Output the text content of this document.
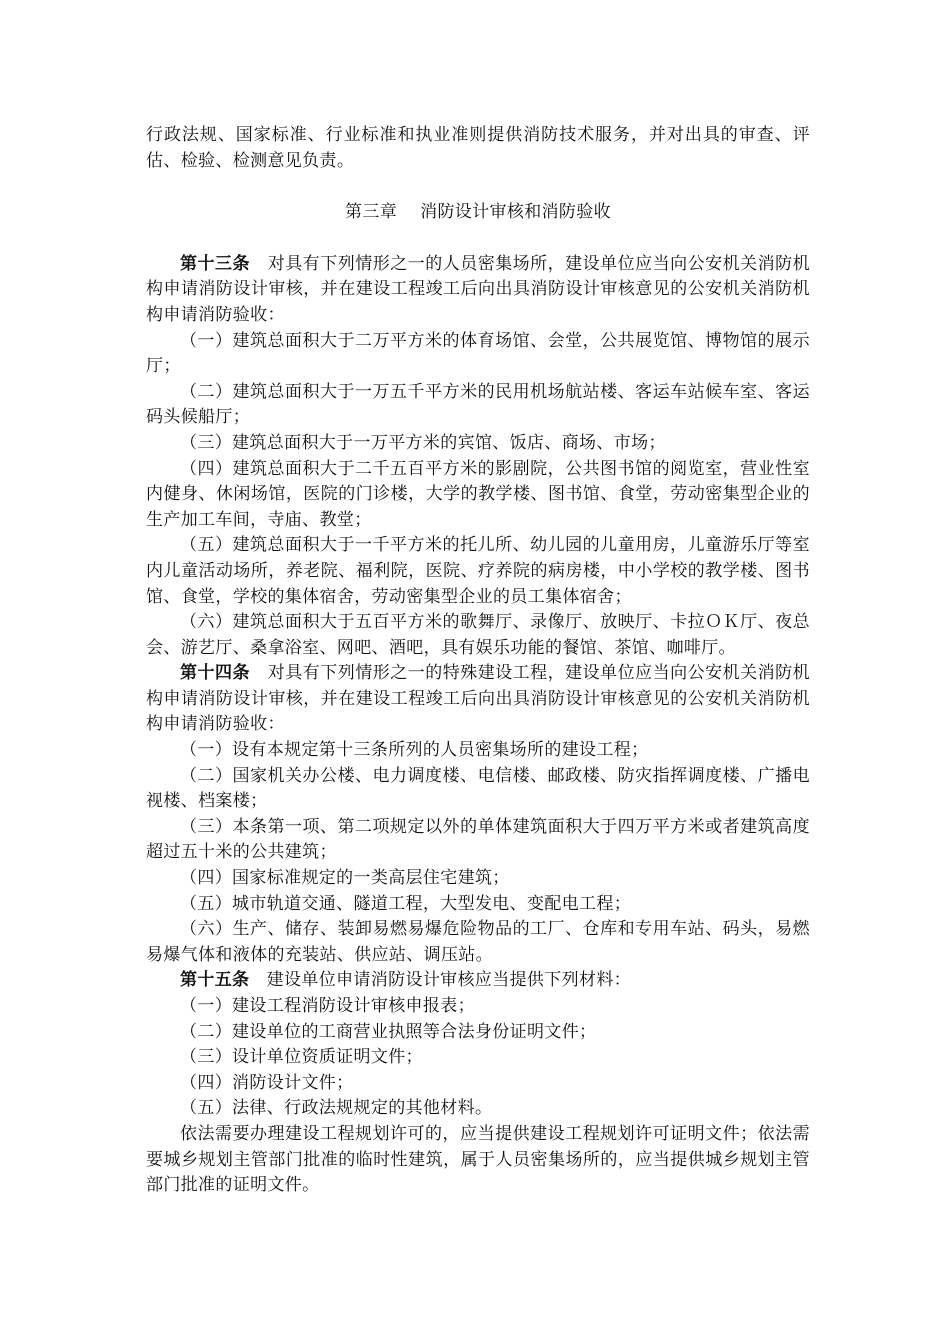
行政法规、国家标准、行业标准和执业准则提供消防技术服务，并对出具的审查、评估、检验、检测意见负责。

第三章    消防设计审核和消防验收

第十三条 对具有下列情形之一的人员密集场所，建设单位应当向公安机关消防机构申请消防设计审核，并在建设工程竣工后向出具消防设计审核意见的公安机关消防机构申请消防验收：

（一）建筑总面积大于二万平方米的体育场馆、会堂，公共展览馆、博物馆的展示厅；

（二）建筑总面积大于一万五千平方米的民用机场航站楼、客运车站候车室、客运码头候船厅；

（三）建筑总面积大于一万平方米的宾馆、饭店、商场、市场；

（四）建筑总面积大于二千五百平方米的影剧院，公共图书馆的阅览室，营业性室内健身、休闲场馆，医院的门诊楼，大学的教学楼、图书馆、食堂，劳动密集型企业的生产加工车间，寺庙、教堂；

（五）建筑总面积大于一千平方米的托儿所、幼儿园的儿童用房，儿童游乐厅等室内儿童活动场所，养老院、福利院，医院、疗养院的病房楼，中小学校的教学楼、图书馆、食堂，学校的集体宿舍，劳动密集型企业的员工集体宿舍；

（六）建筑总面积大于五百平方米的歌舞厅、录像厅、放映厅、卡拉ＯＫ厅、夜总会、游艺厅、桑拿浴室、网吧、酒吧，具有娱乐功能的餐馆、茶馆、咖啡厅。

第十四条 对具有下列情形之一的特殊建设工程，建设单位应当向公安机关消防机构申请消防设计审核，并在建设工程竣工后向出具消防设计审核意见的公安机关消防机构申请消防验收：

（一）设有本规定第十三条所列的人员密集场所的建设工程；

（二）国家机关办公楼、电力调度楼、电信楼、邮政楼、防灾指挥调度楼、广播电视楼、档案楼；

（三）本条第一项、第二项规定以外的单体建筑面积大于四万平方米或者建筑高度超过五十米的公共建筑；

（四）国家标准规定的一类高层住宅建筑；

（五）城市轨道交通、隧道工程，大型发电、变配电工程；

（六）生产、储存、装卸易燃易爆危险物品的工厂、仓库和专用车站、码头，易燃易爆气体和液体的充装站、供应站、调压站。

第十五条 建设单位申请消防设计审核应当提供下列材料：

（一）建设工程消防设计审核申报表；

（二）建设单位的工商营业执照等合法身份证明文件；

（三）设计单位资质证明文件；

（四）消防设计文件；

（五）法律、行政法规规定的其他材料。

依法需要办理建设工程规划许可的，应当提供建设工程规划许可证明文件；依法需要城乡规划主管部门批准的临时性建筑，属于人员密集场所的，应当提供城乡规划主管部门批准的证明文件。
